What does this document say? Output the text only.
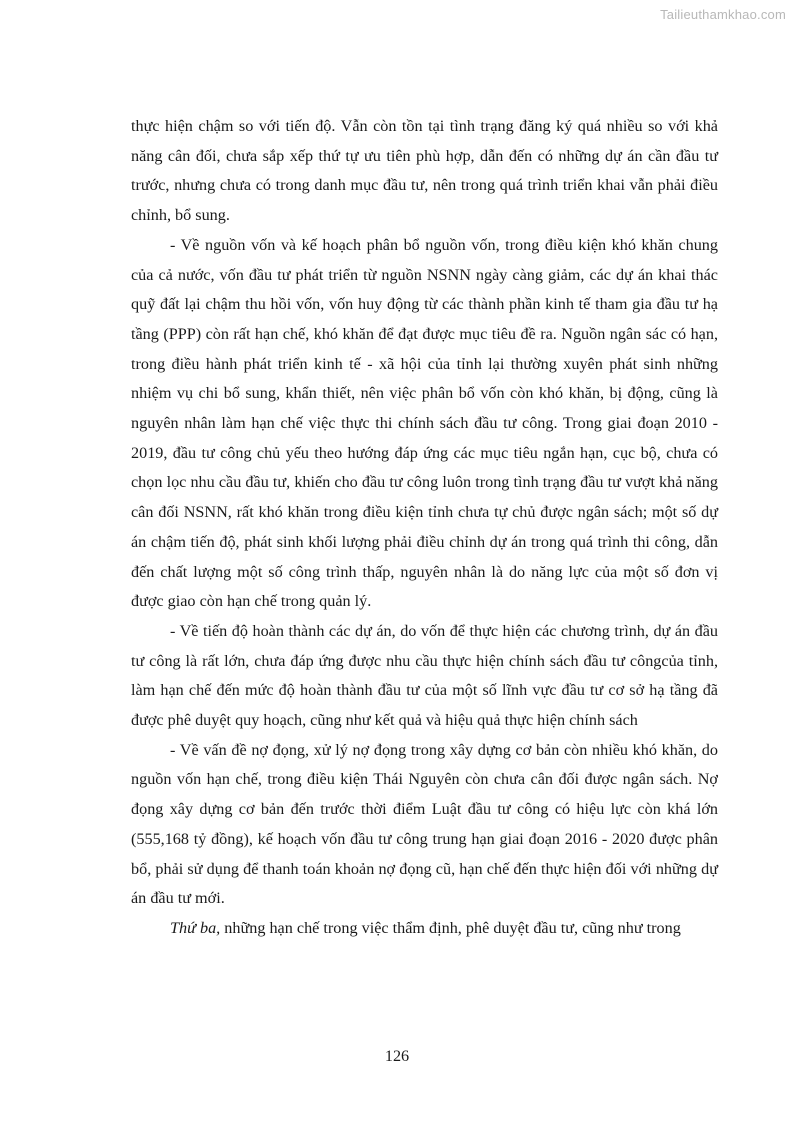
Tailieuthamkhao.com

thực hiện chậm so với tiến độ. Vẫn còn tồn tại tình trạng đăng ký quá nhiều so với khả năng cân đối, chưa sắp xếp thứ tự ưu tiên phù hợp, dẫn đến có những dự án cần đầu tư trước, nhưng chưa có trong danh mục đầu tư, nên trong quá trình triển khai vẫn phải điều chỉnh, bổ sung.

- Về nguồn vốn và kế hoạch phân bổ nguồn vốn, trong điều kiện khó khăn chung của cả nước, vốn đầu tư phát triển từ nguồn NSNN ngày càng giảm, các dự án khai thác quỹ đất lại chậm thu hồi vốn, vốn huy động từ các thành phần kinh tế tham gia đầu tư hạ tầng (PPP) còn rất hạn chế, khó khăn để đạt được mục tiêu đề ra. Nguồn ngân sác có hạn, trong điều hành phát triển kinh tế - xã hội của tỉnh lại thường xuyên phát sinh những nhiệm vụ chi bổ sung, khẩn thiết, nên việc phân bổ vốn còn khó khăn, bị động, cũng là nguyên nhân làm hạn chế việc thực thi chính sách đầu tư công. Trong giai đoạn 2010 - 2019, đầu tư công chủ yếu theo hướng đáp ứng các mục tiêu ngắn hạn, cục bộ, chưa có chọn lọc nhu cầu đầu tư, khiến cho đầu tư công luôn trong tình trạng đầu tư vượt khả năng cân đối NSNN, rất khó khăn trong điều kiện tỉnh chưa tự chủ được ngân sách; một số dự án chậm tiến độ, phát sinh khối lượng phải điều chỉnh dự án trong quá trình thi công, dẫn đến chất lượng một số công trình thấp, nguyên nhân là do năng lực của một số đơn vị được giao còn hạn chế trong quản lý.

- Về tiến độ hoàn thành các dự án, do vốn để thực hiện các chương trình, dự án đầu tư công là rất lớn, chưa đáp ứng được nhu cầu thực hiện chính sách đầu tư côngcủa tỉnh, làm hạn chế đến mức độ hoàn thành đầu tư của một số lĩnh vực đầu tư cơ sở hạ tầng đã được phê duyệt quy hoạch, cũng như kết quả và hiệu quả thực hiện chính sách

- Về vấn đề nợ đọng, xử lý nợ đọng trong xây dựng cơ bản còn nhiều khó khăn, do nguồn vốn hạn chế, trong điều kiện Thái Nguyên còn chưa cân đối được ngân sách. Nợ đọng xây dựng cơ bản đến trước thời điểm Luật đầu tư công có hiệu lực còn khá lớn (555,168 tỷ đồng), kế hoạch vốn đầu tư công trung hạn giai đoạn 2016 - 2020 được phân bổ, phải sử dụng để thanh toán khoản nợ đọng cũ, hạn chế đến thực hiện đối với những dự án đầu tư mới.

Thứ ba, những hạn chế trong việc thẩm định, phê duyệt đầu tư, cũng như trong

126
